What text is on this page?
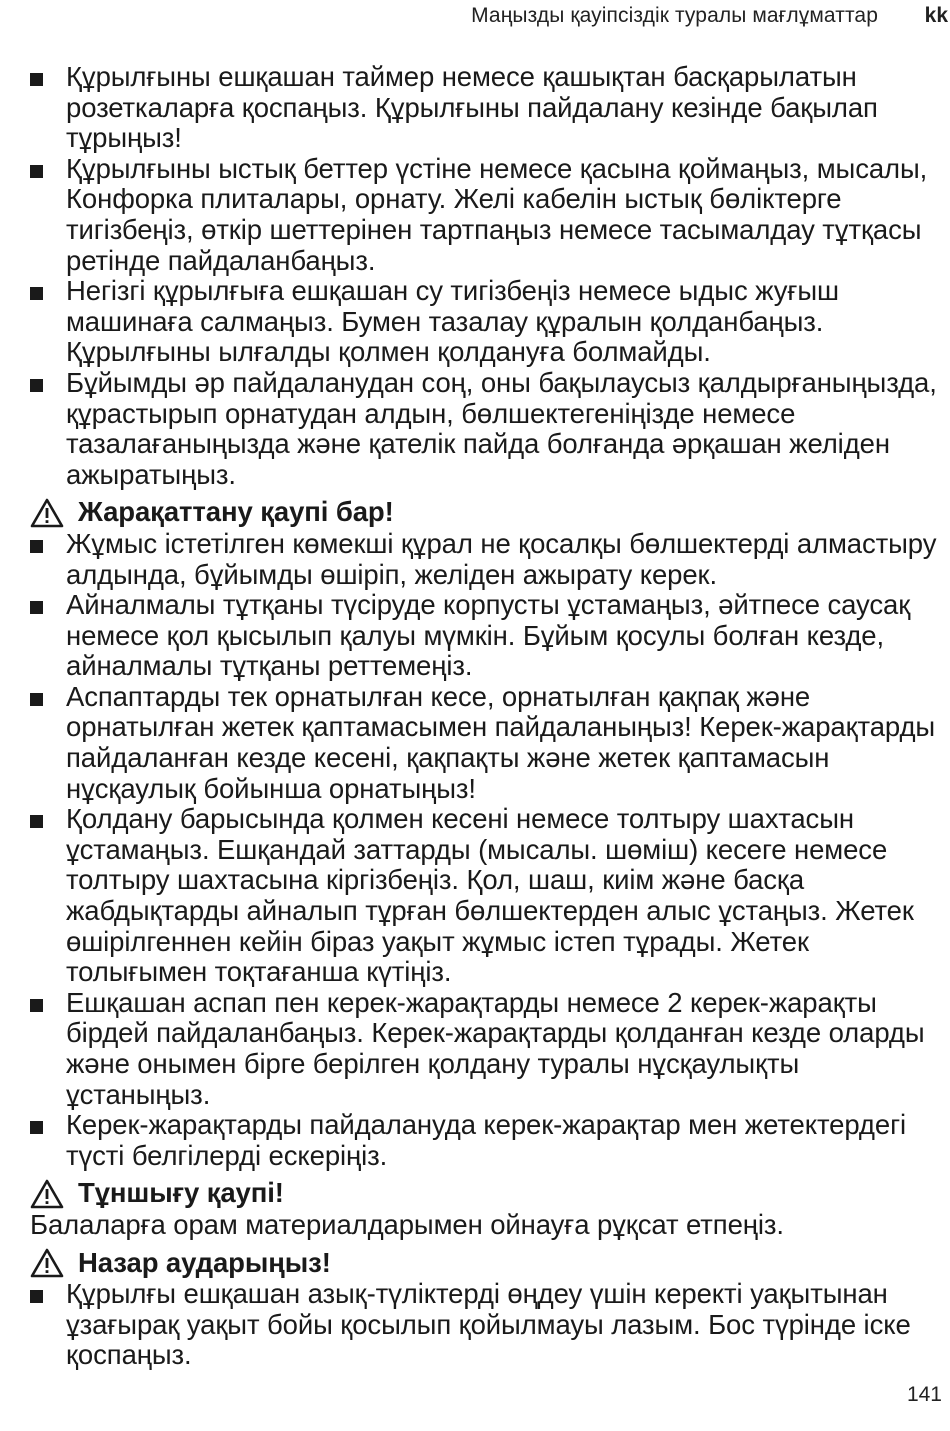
Маңызды қауіпсіздік туралы мағлұматтар kk
Құрылғыны ешқашан таймер немесе қашықтан басқарылатын розеткаларға қоспаңыз. Құрылғыны пайдалану кезінде бақылап тұрыңыз!
Құрылғыны ыстық беттер үстіне немесе қасына қоймаңыз, мысалы, Конфорка плиталары, орнату. Желі кабелін ыстық бөліктерге тигізбеңіз, өткір шеттерінен тартпаңыз немесе тасымалдау тұтқасы ретінде пайдаланбаңыз.
Негізгі құрылғыға ешқашан су тигізбеңіз немесе ыдыс жуғыш машинаға салмаңыз. Бумен тазалау құралын қолданбаңыз. Құрылғыны ылғалды қолмен қолдануға болмайды.
Бұйымды әр пайдаланудан соң, оны бақылаусыз қалдырғаныңызда, құрастырып орнатудан алдын, бөлшектегеніңізде немесе тазалағаныңызда және қателік пайда болғанда әрқашан желіден ажыратыңыз.
Жарақаттану қаупі бар!
Жұмыс істетілген көмекші құрал не қосалқы бөлшектерді алмастыру алдында, бұйымды өшіріп, желіден ажырату керек.
Айналмалы тұтқаны түсіруде корпусты ұстамаңыз, әйтпесе саусақ немесе қол қысылып қалуы мүмкін. Бұйым қосулы болған кезде, айналмалы тұтқаны реттемеңіз.
Аспаптарды тек орнатылған кесе, орнатылған қақпақ және орнатылған жетек қаптамасымен пайдаланыңыз! Керек-жарақтарды пайдаланған кезде кесені, қақпақты және жетек қаптамасын нұсқаулық бойынша орнатыңыз!
Қолдану барысында қолмен кесені немесе толтыру шахтасын ұстамаңыз. Ешқандай заттарды (мысалы. шөміш) кесеге немесе толтыру шахтасына кіргізбеңіз. Қол, шаш, киім және басқа жабдықтарды айналып тұрған бөлшектерден алыс ұстаңыз. Жетек өшірілгеннен кейін біраз уақыт жұмыс істеп тұрады. Жетек толығымен тоқтағанша күтіңіз.
Ешқашан аспап пен керек-жарақтарды немесе 2 керек-жарақты бірдей пайдаланбаңыз. Керек-жарақтарды қолданған кезде оларды және онымен бірге берілген қолдану туралы нұсқаулықты ұстаныңыз.
Керек-жарақтарды пайдалануда керек-жарақтар мен жетектердегі түсті белгілерді ескеріңіз.
Тұншығу қаупі!
Балаларға орам материалдарымен ойнауға рұқсат етпеңіз.
Назар аударыңыз!
Құрылғы ешқашан азық-түліктерді өңдеу үшін керекті уақытынан ұзағырақ уақыт бойы қосылып қойылмауы лазым. Бос түрінде іске қоспаңыз.
141
